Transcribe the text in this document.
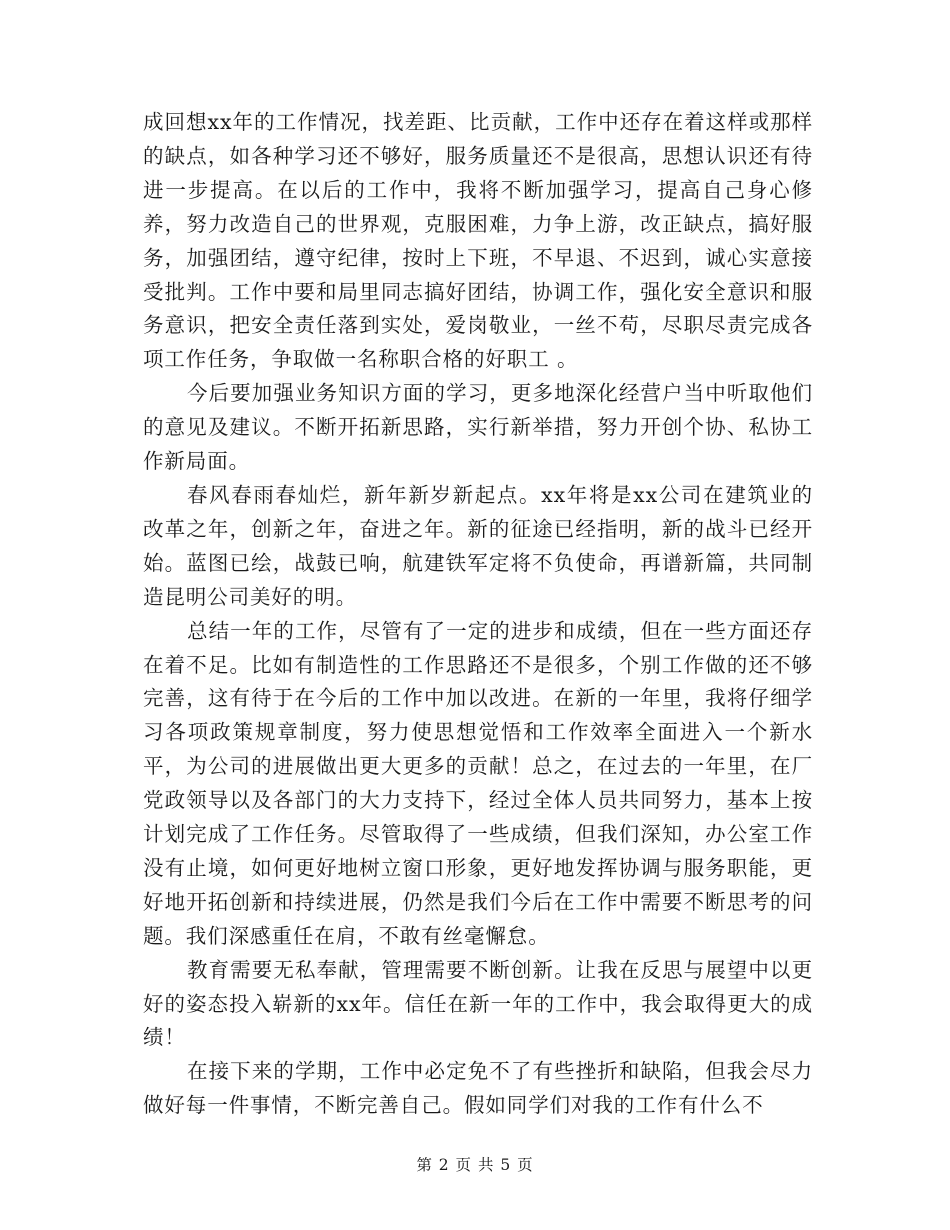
成回想xx年的工作情况，找差距、比贡献，工作中还存在着这样或那样的缺点，如各种学习还不够好，服务质量还不是很高，思想认识还有待进一步提高。在以后的工作中，我将不断加强学习，提高自己身心修养，努力改造自己的世界观，克服困难，力争上游，改正缺点，搞好服务，加强团结，遵守纪律，按时上下班，不早退、不迟到，诚心实意接受批判。工作中要和局里同志搞好团结，协调工作，强化安全意识和服务意识，把安全责任落到实处，爱岗敬业，一丝不苟，尽职尽责完成各项工作任务，争取做一名称职合格的好职工 。

今后要加强业务知识方面的学习，更多地深化经营户当中听取他们的意见及建议。不断开拓新思路，实行新举措，努力开创个协、私协工作新局面。

春风春雨春灿烂，新年新岁新起点。xx年将是xx公司在建筑业的改革之年，创新之年，奋进之年。新的征途已经指明，新的战斗已经开始。蓝图已绘，战鼓已响，航建铁军定将不负使命，再谱新篇，共同制造昆明公司美好的明。

总结一年的工作，尽管有了一定的进步和成绩，但在一些方面还存在着不足。比如有制造性的工作思路还不是很多，个别工作做的还不够完善，这有待于在今后的工作中加以改进。在新的一年里，我将仔细学习各项政策规章制度，努力使思想觉悟和工作效率全面进入一个新水平，为公司的进展做出更大更多的贡献！总之，在过去的一年里，在厂党政领导以及各部门的大力支持下，经过全体人员共同努力，基本上按计划完成了工作任务。尽管取得了一些成绩，但我们深知，办公室工作没有止境，如何更好地树立窗口形象，更好地发挥协调与服务职能，更好地开拓创新和持续进展，仍然是我们今后在工作中需要不断思考的问题。我们深感重任在肩，不敢有丝毫懈怠。

教育需要无私奉献，管理需要不断创新。让我在反思与展望中以更好的姿态投入崭新的xx年。信任在新一年的工作中，我会取得更大的成绩！

在接下来的学期，工作中必定免不了有些挫折和缺陷，但我会尽力做好每一件事情，不断完善自己。假如同学们对我的工作有什么不

第 2 页 共 5 页
